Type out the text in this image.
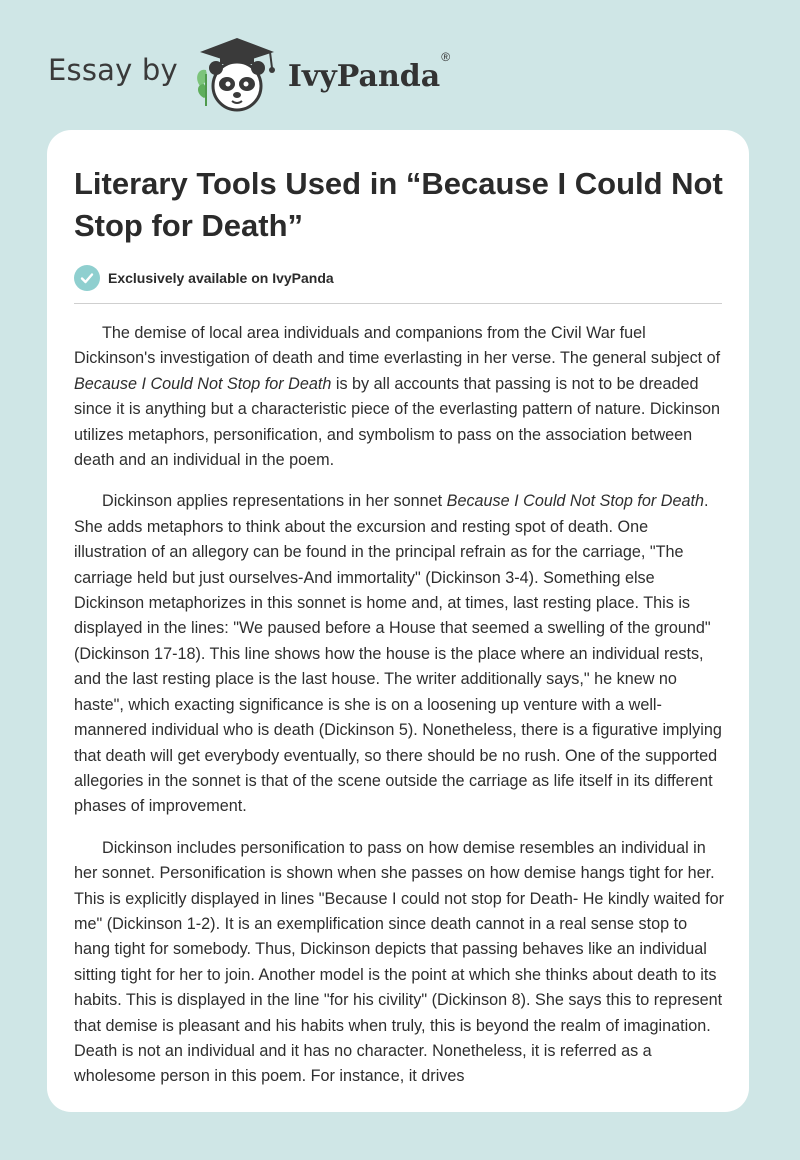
Essay by	IvyPanda®
Literary Tools Used in “Because I Could Not Stop for Death”
Exclusively available on IvyPanda

The demise of local area individuals and companions from the Civil War fuel Dickinson's investigation of death and time everlasting in her verse. The general subject of Because I Could Not Stop for Death is by all accounts that passing is not to be dreaded since it is anything but a characteristic piece of the everlasting pattern of nature. Dickinson utilizes metaphors, personification, and symbolism to pass on the association between death and an individual in the poem.

Dickinson applies representations in her sonnet Because I Could Not Stop for Death. She adds metaphors to think about the excursion and resting spot of death. One illustration of an allegory can be found in the principal refrain as for the carriage, "The carriage held but just ourselves-And immortality" (Dickinson 3-4). Something else Dickinson metaphorizes in this sonnet is home and, at times, last resting place. This is displayed in the lines: "We paused before a House that seemed a swelling of the ground" (Dickinson 17-18). This line shows how the house is the place where an individual rests, and the last resting place is the last house. The writer additionally says," he knew no haste", which exacting significance is she is on a loosening up venture with a well-mannered individual who is death (Dickinson 5). Nonetheless, there is a figurative implying that death will get everybody eventually, so there should be no rush. One of the supported allegories in the sonnet is that of the scene outside the carriage as life itself in its different phases of improvement.

Dickinson includes personification to pass on how demise resembles an individual in her sonnet. Personification is shown when she passes on how demise hangs tight for her. This is explicitly displayed in lines "Because I could not stop for Death- He kindly waited for me" (Dickinson 1-2). It is an exemplification since death cannot in a real sense stop to hang tight for somebody. Thus, Dickinson depicts that passing behaves like an individual sitting tight for her to join. Another model is the point at which she thinks about death to its habits. This is displayed in the line "for his civility" (Dickinson 8). She says this to represent that demise is pleasant and his habits when truly, this is beyond the realm of imagination. Death is not an individual and it has no character. Nonetheless, it is referred as a wholesome person in this poem. For instance, it drives
